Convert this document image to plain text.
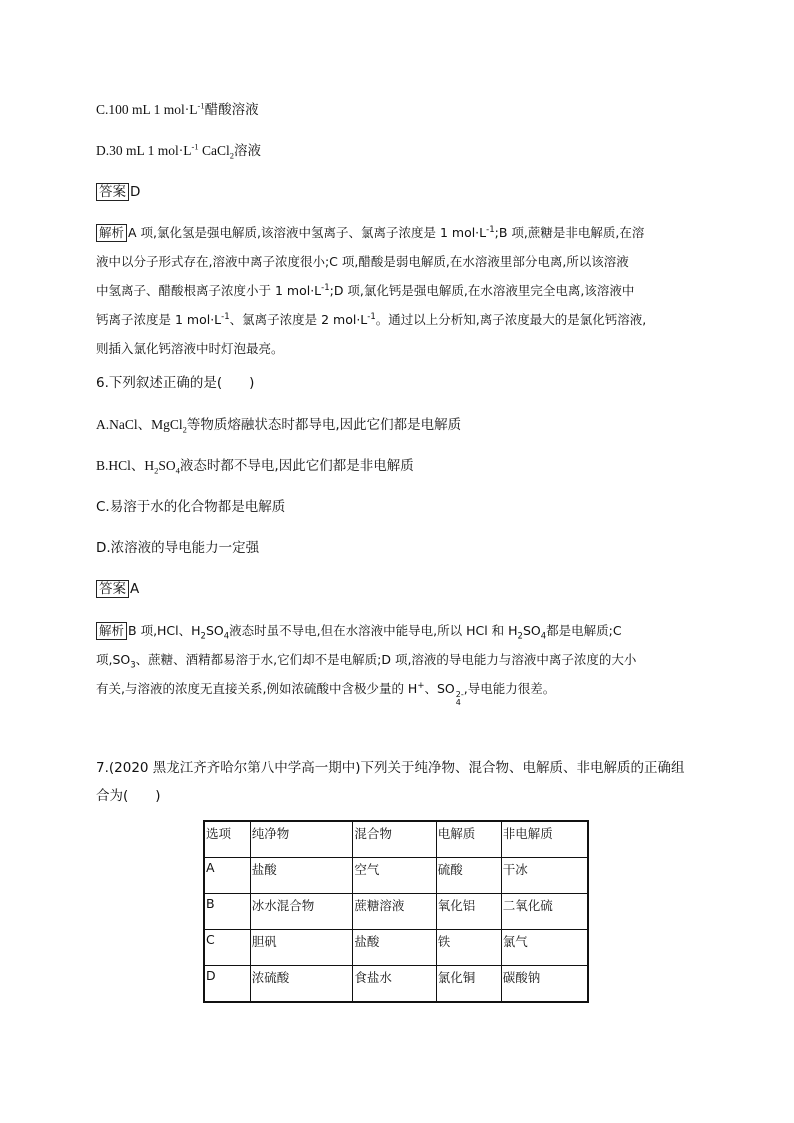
C.100 mL 1 $mol\cdot L^{-1}$醋酸溶液
D.30 mL 1 $mol\cdot L^{-1}$ CaCl$_2$溶液
答案 D
解析 A 项,氯化氢是强电解质,该溶液中氢离子、氯离子浓度是 1 $mol\cdot L^{-1};B$ 项,蔗糖是非电解质,在溶
液中以分子形式存在,溶液中离子浓度很小;C 项,醋酸是弱电解质,在水溶液里部分电离,所以该溶液
中氢离子、醋酸根离子浓度小于 1 $mol\cdot L^{-1};D$ 项,氯化钙是强电解质,在水溶液里完全电离,该溶液中
钙离子浓度是 1 $mol\cdot L^{-1}$、氯离子浓度是 2 $mol\cdot L^{-1}$。通过以上分析知,离子浓度最大的是氯化钙溶液,
则插入氯化钙溶液中时灯泡最亮。
6.下列叙述正确的是(　　)
A.NaCl、MgCl$_2$等物质熔融状态时都导电,因此它们都是电解质
B.HCl、$H_2SO_4$液态时都不导电,因此它们都是非电解质
C.易溶于水的化合物都是电解质
D.浓溶液的导电能力一定强
答案 A
解析 B 项,HCl、$H_2SO_4$液态时虽不导电,但在水溶液中能导电,所以 HCl 和 $H_2SO_4$都是电解质;C
项$,SO_3$、蔗糖、酒精都易溶于水,它们却不是电解质;D 项,溶液的导电能力与溶液中离子浓度的大小
有关,与溶液的浓度无直接关系,例如浓硫酸中含极少量的 H+、SO 2-
4
,导电能力很差。
7.(2020 黑龙江齐齐哈尔第八中学高一期中)下列关于纯净物、混合物、电解质、非电解质的正确组
合为(　　)
选项	纯净物	混合物	电解质	非电解质
A	盐酸	空气	硫酸	干冰
B	冰水混合物	蔗糖溶液	氧化铝	二氧化硫
C	胆矾	盐酸	铁	氯气
D	浓硫酸	食盐水	氯化铜	碳酸钠
